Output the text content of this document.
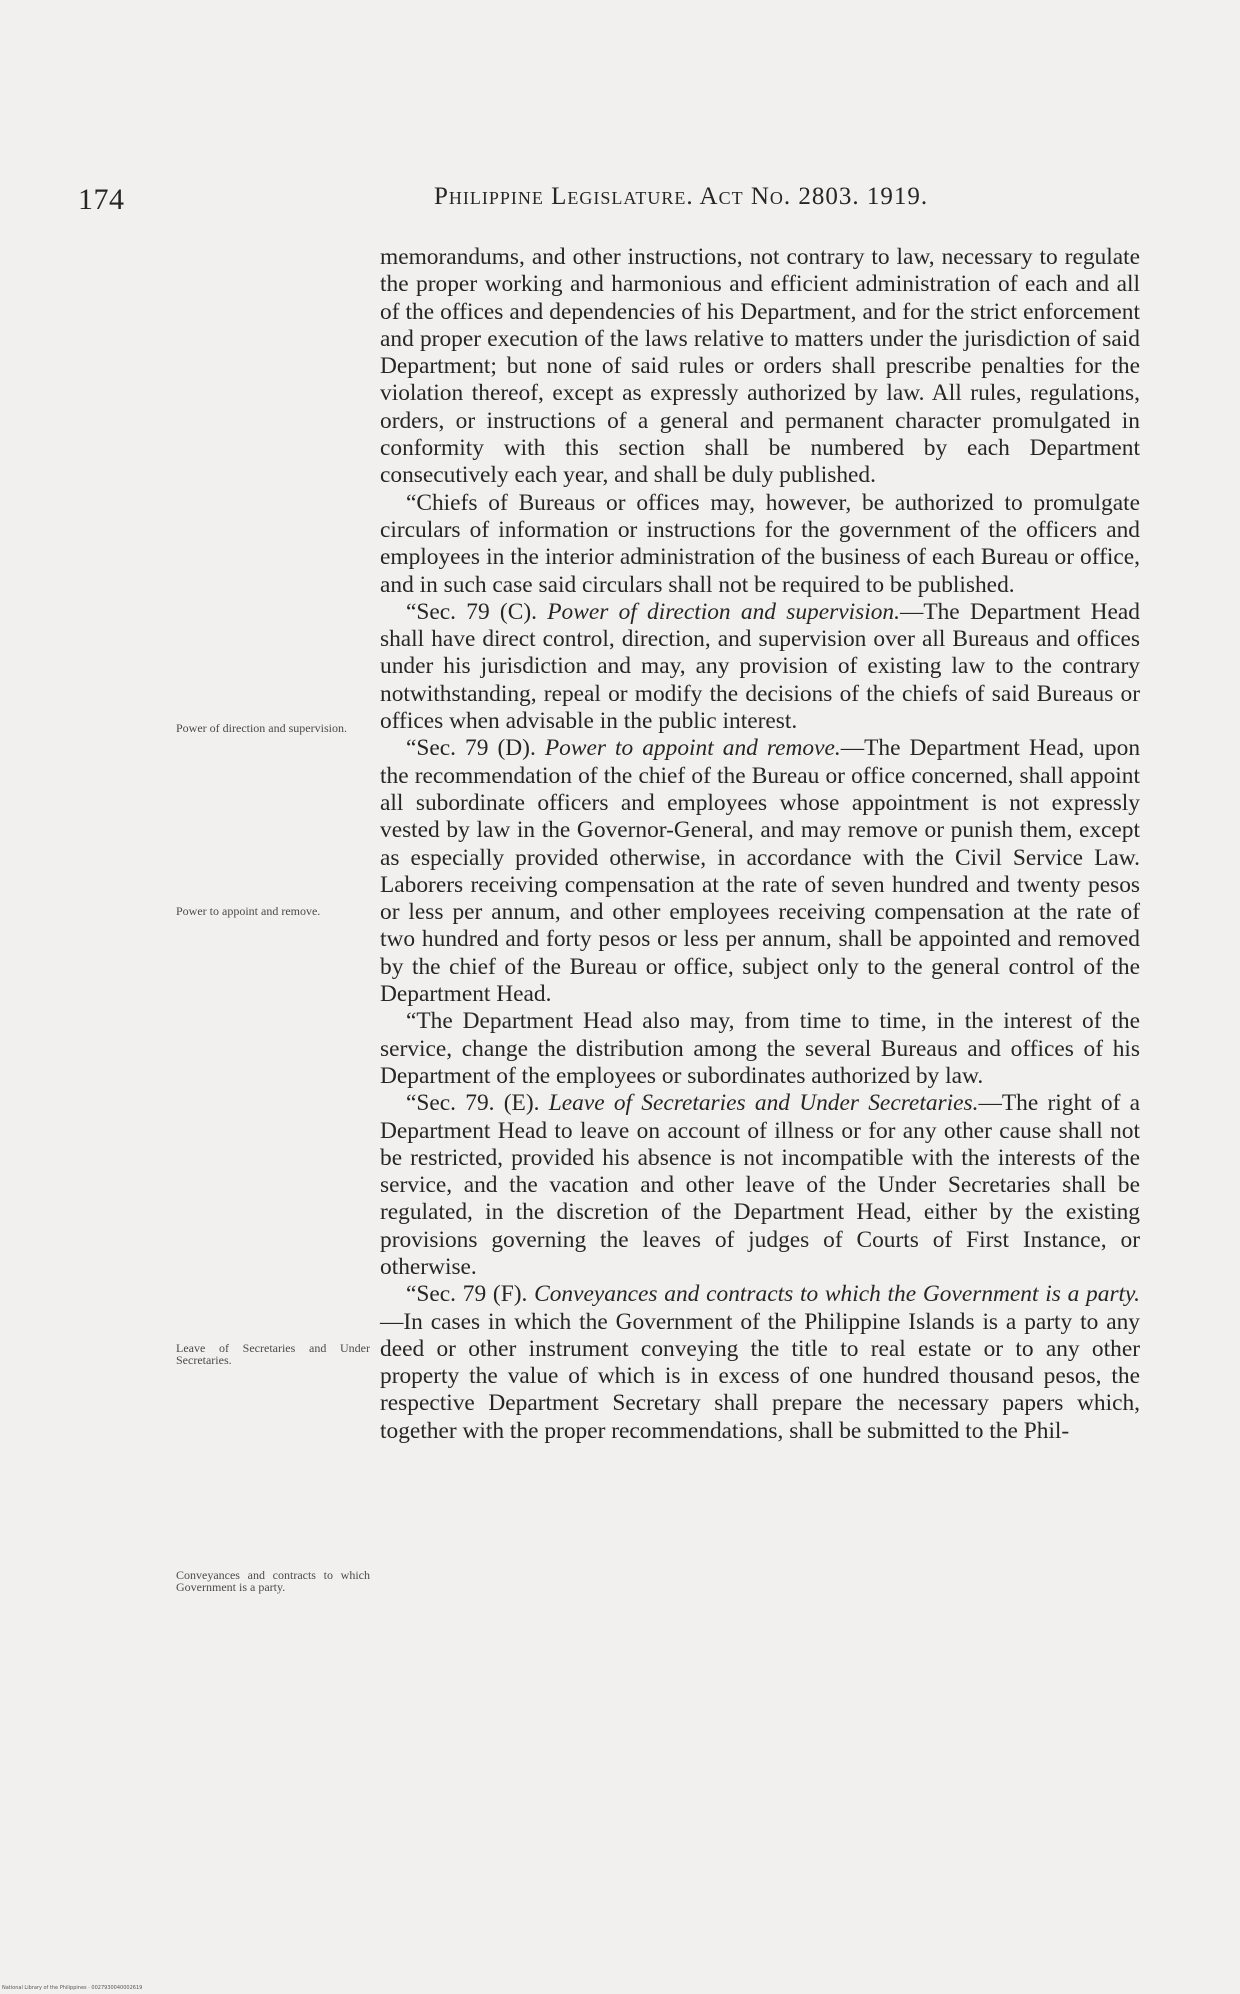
174	Philippine Legislature. Act No. 2803. 1919.

memorandums, and other instructions, not contrary to law, necessary to regulate the proper working and harmonious and efficient administration of each and all of the offices and dependencies of his Department, and for the strict enforcement and proper execution of the laws relative to matters under the jurisdiction of said Department; but none of said rules or orders shall prescribe penalties for the violation thereof, except as expressly authorized by law. All rules, regulations, orders, or instructions of a general and permanent character promulgated in conformity with this section shall be numbered by each Department consecutively each year, and shall be duly published.

“Chiefs of Bureaus or offices may, however, be authorized to promulgate circulars of information or instructions for the government of the officers and employees in the interior administration of the business of each Bureau or office, and in such case said circulars shall not be required to be published.

“Sec. 79 (C). Power of direction and supervision.—The Department Head shall have direct control, direction, and supervision over all Bureaus and offices under his jurisdiction and may, any provision of existing law to the contrary notwithstanding, repeal or modify the decisions of the chiefs of said Bureaus or offices when advisable in the public interest.

“Sec. 79 (D). Power to appoint and remove.—The Department Head, upon the recommendation of the chief of the Bureau or office concerned, shall appoint all subordinate officers and employees whose appointment is not expressly vested by law in the Governor-General, and may remove or punish them, except as especially provided otherwise, in accordance with the Civil Service Law. Laborers receiving compensation at the rate of seven hundred and twenty pesos or less per annum, and other employees receiving compensation at the rate of two hundred and forty pesos or less per annum, shall be appointed and removed by the chief of the Bureau or office, subject only to the general control of the Department Head.

“The Department Head also may, from time to time, in the interest of the service, change the distribution among the several Bureaus and offices of his Department of the employees or subordinates authorized by law.

“Sec. 79. (E). Leave of Secretaries and Under Secretaries.—The right of a Department Head to leave on account of illness or for any other cause shall not be restricted, provided his absence is not incompatible with the interests of the service, and the vacation and other leave of the Under Secretaries shall be regulated, in the discretion of the Department Head, either by the existing provisions governing the leaves of judges of Courts of First Instance, or otherwise.

“Sec. 79 (F). Conveyances and contracts to which the Government is a party.—In cases in which the Government of the Philippine Islands is a party to any deed or other instrument conveying the title to real estate or to any other property the value of which is in excess of one hundred thousand pesos, the respective Department Secretary shall prepare the necessary papers which, together with the proper recommendations, shall be submitted to the Phil-

Power of direction and supervision.
Power to appoint and remove.
Leave of Secretaries and Under Secretaries.
Conveyances and contracts to which Government is a party.
National Library of the Philippines · 0027930040002619
